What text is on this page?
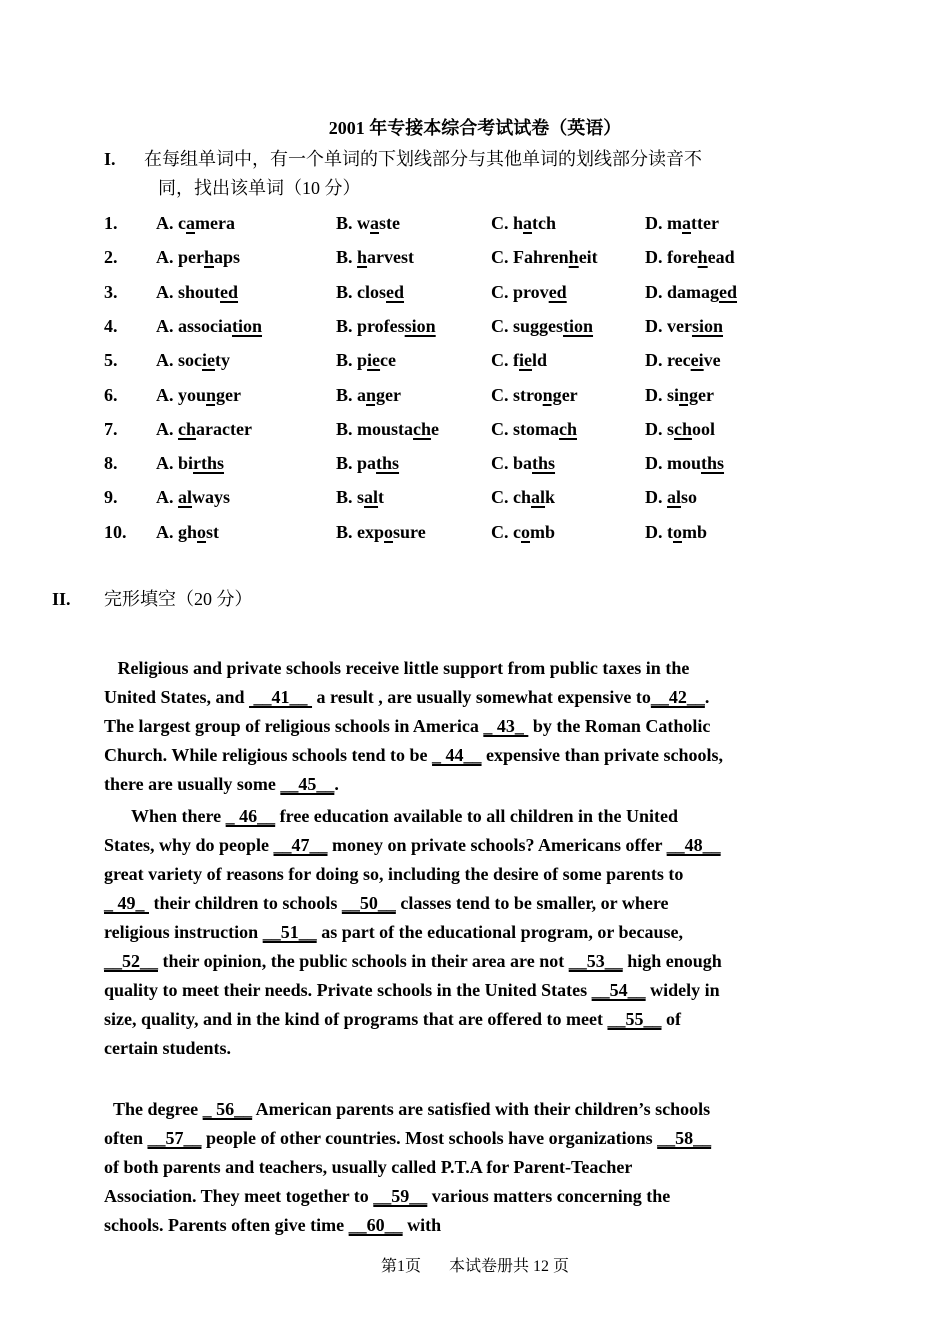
2001 年专接本综合考试试卷（英语）
I. 在每组单词中，有一个单词的下划线部分与其他单词的划线部分读音不
同，找出该单词（10 分）
1. A. camera	B. waste	C. hatch	D. matter
2. A. perhaps	B. harvest	C. Fahrenheit	D. forehead
3. A. shouted	B. closed	C. proved	D. damaged
4. A. association	B. profession	C. suggestion	D. version
5. A. society	B. piece	C. field	D. receive
6. A. younger	B. anger	C. stronger	D. singer
7. A. character	B. moustache	C. stomach	D. school
8. A. births	B. paths	C. baths	D. mouths
9. A. always	B. salt	C. chalk	D. also
10. A. ghost	B. exposure	C. comb	D. tomb
II. 完形填空（20 分）

Religious and private schools receive little support from public taxes in the United States, and  __41__  a result , are usually somewhat expensive to__42__. The largest group of religious schools in America _ 43_  by the Roman Catholic Church. While religious schools tend to be _ 44__ expensive than private schools, there are usually some __45__.

When there _ 46__ free education available to all children in the United States, why do people __47__ money on private schools? Americans offer __48__ great variety of reasons for doing so, including the desire of some parents to _ 49_  their children to schools __50__ classes tend to be smaller, or where religious instruction __51__ as part of the educational program, or because, __52__ their opinion, the public schools in their area are not __53__ high enough quality to meet their needs. Private schools in the United States __54__ widely in size, quality, and in the kind of programs that are offered to meet __55__ of certain students.

The degree _ 56__ American parents are satisfied with their children’s schools often __57__ people of other countries. Most schools have organizations __58__ of both parents and teachers, usually called P.T.A for Parent-Teacher Association. They meet together to __59__ various matters concerning the schools. Parents often give time __60__ with

第1页 本试卷册共 12 页
